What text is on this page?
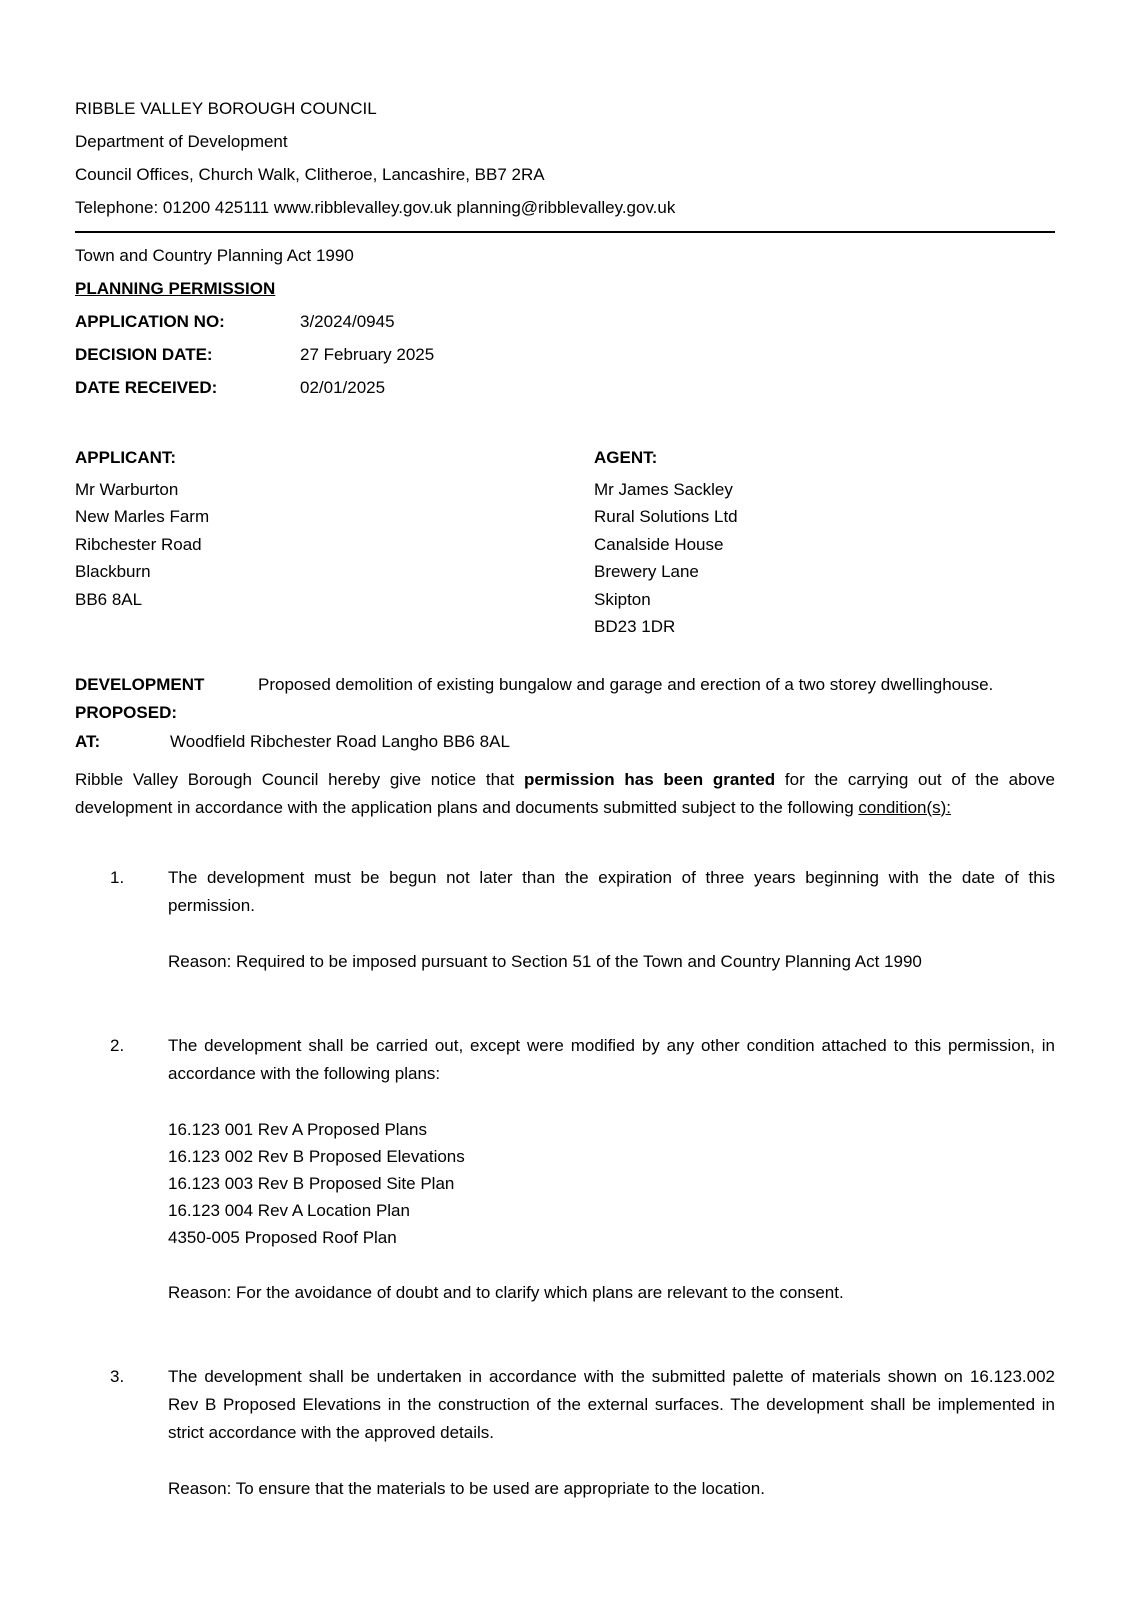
RIBBLE VALLEY BOROUGH COUNCIL
Department of Development
Council Offices, Church Walk, Clitheroe, Lancashire, BB7 2RA
Telephone: 01200 425111 www.ribblevalley.gov.uk planning@ribblevalley.gov.uk
Town and Country Planning Act 1990
PLANNING PERMISSION
APPLICATION NO:	3/2024/0945
DECISION DATE:	27 February 2025
DATE RECEIVED:	02/01/2025
APPLICANT:
Mr Warburton
New Marles Farm
Ribchester Road
Blackburn
BB6 8AL
AGENT:
Mr James Sackley
Rural Solutions Ltd
Canalside House
Brewery Lane
Skipton
BD23 1DR
DEVELOPMENT PROPOSED:
Proposed demolition of existing bungalow and garage and erection of a two storey dwellinghouse.
AT:	Woodfield Ribchester Road Langho BB6 8AL

Ribble Valley Borough Council hereby give notice that permission has been granted for the carrying out of the above development in accordance with the application plans and documents submitted subject to the following condition(s):

1.	The development must be begun not later than the expiration of three years beginning with the date of this permission.

Reason: Required to be imposed pursuant to Section 51 of the Town and Country Planning Act 1990

2.	The development shall be carried out, except were modified by any other condition attached to this permission, in accordance with the following plans:

16.123 001 Rev A Proposed Plans
16.123 002 Rev B Proposed Elevations
16.123 003 Rev B Proposed Site Plan
16.123 004 Rev A Location Plan
4350-005 Proposed Roof Plan

Reason: For the avoidance of doubt and to clarify which plans are relevant to the consent.

3.	The development shall be undertaken in accordance with the submitted palette of materials shown on 16.123.002 Rev B Proposed Elevations in the construction of the external surfaces. The development shall be implemented in strict accordance with the approved details.

Reason: To ensure that the materials to be used are appropriate to the location.
